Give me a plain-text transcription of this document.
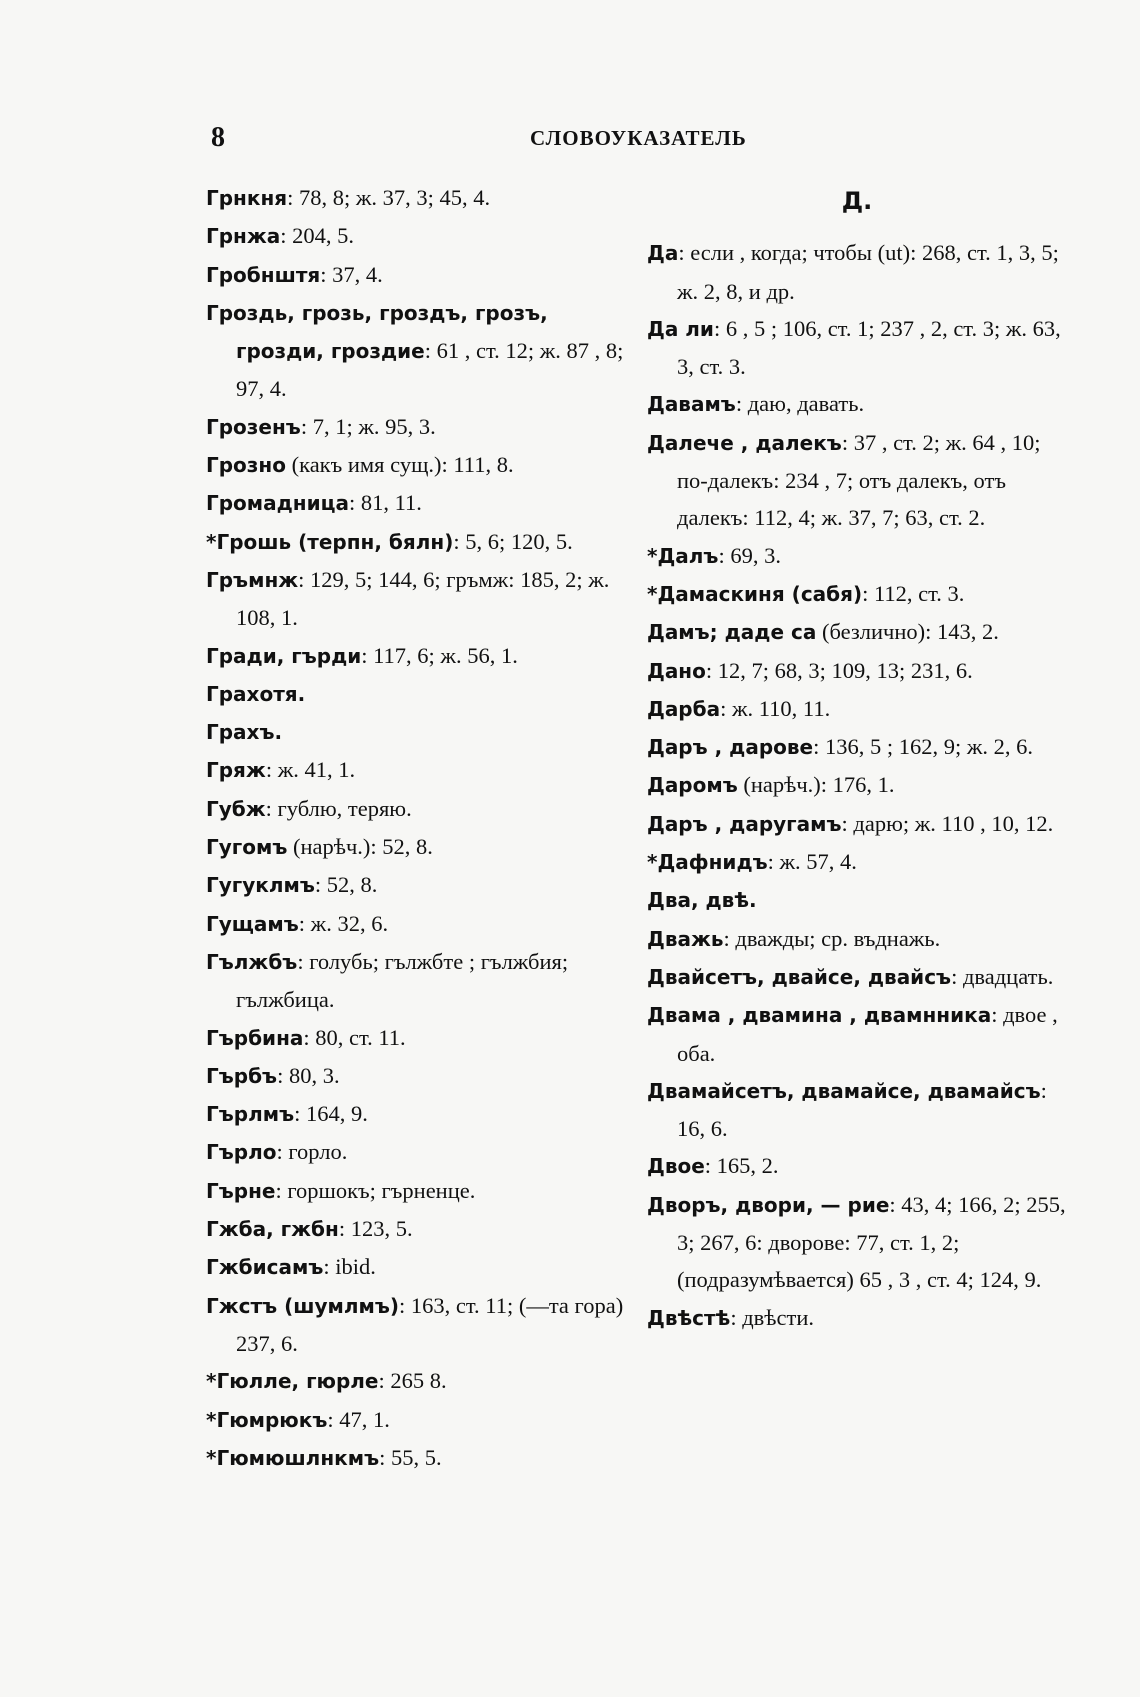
8	СЛОВОУКАЗАТЕЛЬ

Грнкня: 78, 8; ж. 37, 3; 45, 4.

Грнжа: 204, 5.

Гробнштя: 37, 4.

Гроздь, грозь, гроздъ, грозъ, грозди, гроздие: 61 , ст. 12; ж. 87 , 8; 97, 4.

Грозенъ: 7, 1; ж. 95, 3.

Грозно (какъ имя сущ.): 111, 8.

Громадница: 81, 11.

*Грошь (терпн, бялн): 5, 6; 120, 5.

Гръмнж: 129, 5; 144, 6; гръмж: 185, 2; ж. 108, 1.

Гради, гърди: 117, 6; ж. 56, 1.

Грахотя.

Грахъ.

Гряж: ж. 41, 1.

Губж: гублю, теряю.

Гугомъ (нарѣч.): 52, 8.

Гугуклмъ: 52, 8.

Гущамъ: ж. 32, 6.

Гължбъ: голубь; гължбте ; гължбия; гължбица.

Гърбина: 80, ст. 11.

Гърбъ: 80, 3.

Гърлмъ: 164, 9.

Гърло: горло.

Гърне: горшокъ; гърненце.

Гжба, гжбн: 123, 5.

Гжбисамъ: ibid.

Гжстъ (шумлмъ): 163, ст. 11; (—та гора) 237, 6.

*Гюлле, гюрле: 265 8.

*Гюмрюкъ: 47, 1.

*Гюмюшлнкмъ: 55, 5.

Д.

Да: если , когда; чтобы (ut): 268, ст. 1, 3, 5; ж. 2, 8, и др.

Да ли: 6 , 5 ; 106, ст. 1; 237 , 2, ст. 3; ж. 63, 3, ст. 3.

Давамъ: даю, давать.

Далече , далекъ: 37 , ст. 2; ж. 64 , 10; по-далекъ: 234 , 7; отъ далекъ, отъ далекъ: 112, 4; ж. 37, 7; 63, ст. 2.

*Далъ: 69, 3.

*Дамаскиня (сабя): 112, ст. 3.

Дамъ; даде са (безлично): 143, 2.

Дано: 12, 7; 68, 3; 109, 13; 231, 6.

Дарба: ж. 110, 11.

Даръ , дарове: 136, 5 ; 162, 9; ж. 2, 6.

Даромъ (нарѣч.): 176, 1.

Даръ , даругамъ: дарю; ж. 110 , 10, 12.

*Дафнидъ: ж. 57, 4.

Два, двѣ.

Дважь: дважды; ср. въднажь.

Двайсетъ, двайсе, двайсъ: двадцать.

Двама , двамина , двамнника: двое , оба.

Двамайсетъ, двамайсе, двамайсъ: 16, 6.

Двое: 165, 2.

Дворъ, двори, — рие: 43, 4; 166, 2; 255, 3; 267, 6: дворове: 77, ст. 1, 2; (подразумѣвается) 65 , 3 , ст. 4; 124, 9.

Двѣстѣ: двѣсти.
